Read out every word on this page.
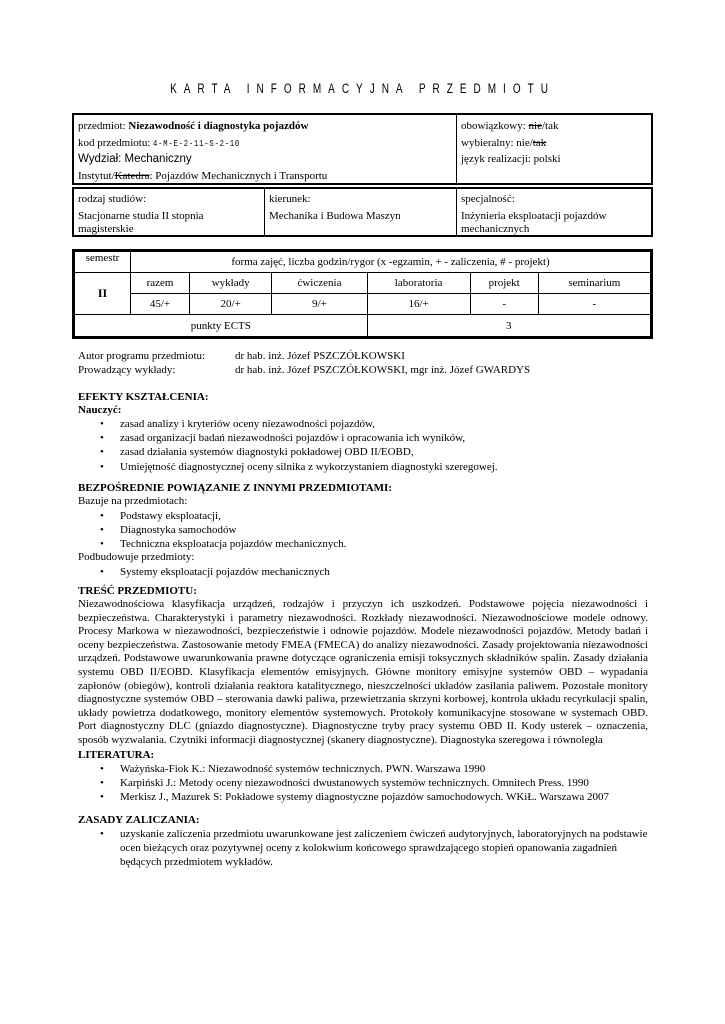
KARTA INFORMACYJNA PRZEDMIOTU
przedmiot: Niezawodność i diagnostyka pojazdów
kod przedmiotu: 4-M-E-2-11-S-2-10
Wydział: Mechaniczny
Instytut/Katedra: Pojazdów Mechanicznych i Transportu
obowiązkowy: nie/tak
wybieralny: nie/tak
język realizacji: polski
rodzaj studiów:
Stacjonarne studia II stopnia magisterskie
kierunek:
Mechanika i Budowa Maszyn
specjalność:
Inżynieria eksploatacji pojazdów mechanicznych
semestr	forma zajęć, liczba godzin/rygor (x -egzamin, + - zaliczenia, # - projekt)					
II	razem	wykłady	ćwiczenia	laboratoria	projekt	seminarium
	45/+	20/+	9/+	16/+	-	-
punkty ECTS				3		
Autor programu przedmiotu:	dr hab. inż. Józef PSZCZÓŁKOWSKI
Prowadzący wykłady:	dr hab. inż. Józef PSZCZÓŁKOWSKI, mgr inż. Józef GWARDYS
EFEKTY KSZTAŁCENIA:
Nauczyć:
• zasad analizy i kryteriów oceny niezawodności pojazdów,
• zasad organizacji badań niezawodności pojazdów i opracowania ich wyników,
• zasad działania systemów diagnostyki pokładowej OBD II/EOBD,
• Umiejętność diagnostycznej oceny silnika z wykorzystaniem diagnostyki szeregowej.
BEZPOŚREDNIE POWIĄZANIE Z INNYMI PRZEDMIOTAMI:
Bazuje na przedmiotach:
• Podstawy eksploatacji,
• Diagnostyka samochodów
• Techniczna eksploatacja pojazdów mechanicznych.
Podbudowuje przedmioty:
• Systemy eksploatacji pojazdów mechanicznych
TREŚĆ PRZEDMIOTU:
Niezawodnościowa klasyfikacja urządzeń, rodzajów i przyczyn ich uszkodzeń. Podstawowe pojęcia niezawodności i bezpieczeństwa. Charakterystyki i parametry niezawodności. Rozkłady niezawodności. Niezawodnościowe modele odnowy. Procesy Markowa w niezawodności, bezpieczeństwie i odnowie pojazdów. Modele niezawodności pojazdów. Metody badań i oceny bezpieczeństwa. Zastosowanie metody FMEA (FMECA) do analizy niezawodności. Zasady projektowania niezawodności urządzeń. Podstawowe uwarunkowania prawne dotyczące ograniczenia emisji toksycznych składników spalin. Zasady działania systemu OBD II/EOBD. Klasyfikacja elementów emisyjnych. Główne monitory emisyjne systemów OBD – wypadania zapłonów (obiegów), kontroli działania reaktora katalitycznego, nieszczelności układów zasilania paliwem. Pozostałe monitory diagnostyczne systemów OBD – sterowania dawki paliwa, przewietrzania skrzyni korbowej, kontrola układu recyrkulacji spalin, układy powietrza dodatkowego, monitory elementów systemowych. Protokoły komunikacyjne stosowane w systemach OBD. Port diagnostyczny DLC (gniazdo diagnostyczne). Diagnostyczne tryby pracy systemu OBD II. Kody usterek – oznaczenia, sposób wyzwalania. Czytniki informacji diagnostycznej (skanery diagnostyczne). Diagnostyka szeregowa i równoległa
LITERATURA:
• Ważyńska-Fiok K.: Niezawodność systemów technicznych. PWN. Warszawa 1990
• Karpiński J.: Metody oceny niezawodności dwustanowych systemów technicznych. Omnitech Press. 1990
• Merkisz J., Mazurek S: Pokładowe systemy diagnostyczne pojazdów samochodowych. WKiŁ. Warszawa 2007
ZASADY ZALICZANIA:
• uzyskanie zaliczenia przedmiotu uwarunkowane jest zaliczeniem ćwiczeń audytoryjnych, laboratoryjnych na podstawie ocen bieżących oraz pozytywnej oceny z kolokwium końcowego sprawdzającego stopień opanowania zagadnień będących przedmiotem wykładów.
